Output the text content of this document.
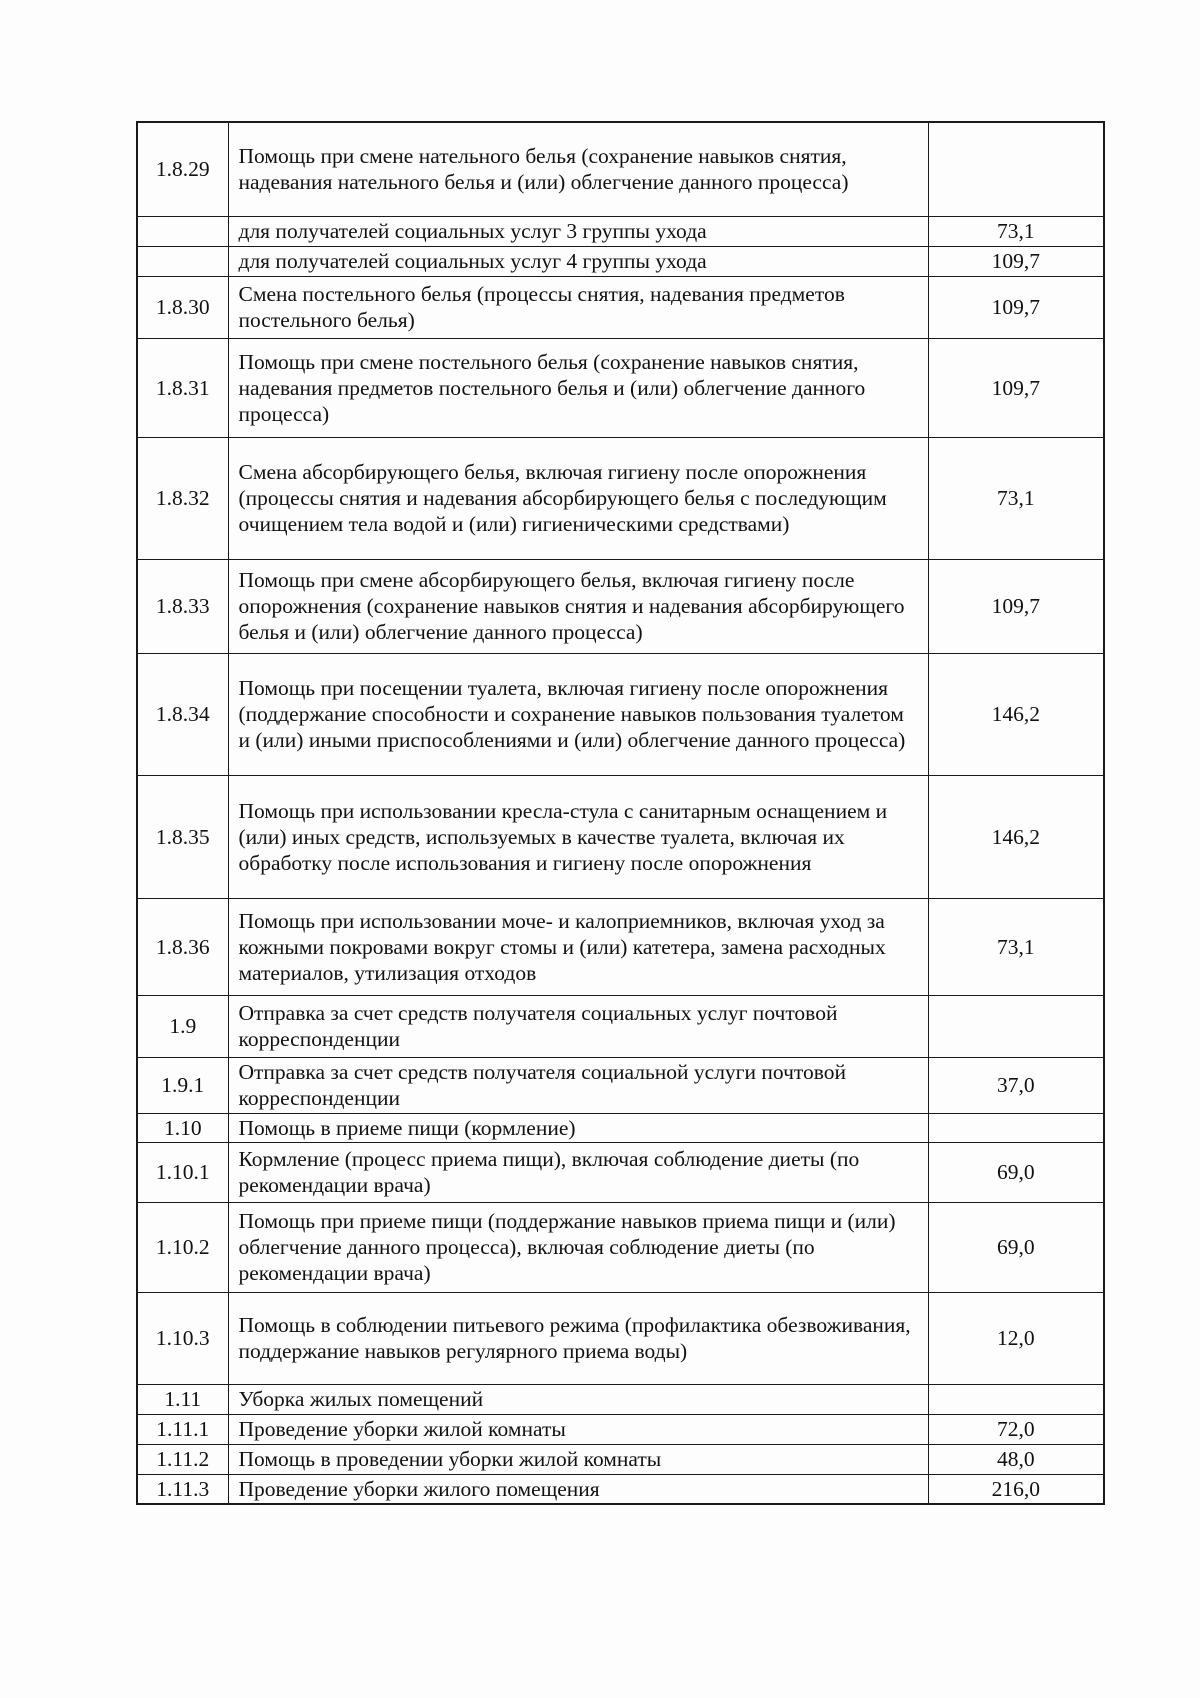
1.8.29	Помощь при смене нательного белья (сохранение навыков снятия, надевания нательного белья и (или) облегчение данного процесса)	
	для получателей социальных услуг 3 группы ухода	73,1
	для получателей социальных услуг 4 группы ухода	109,7
1.8.30	Смена постельного белья (процессы снятия, надевания предметов постельного белья)	109,7
1.8.31	Помощь при смене постельного белья (сохранение навыков снятия, надевания предметов постельного белья и (или) облегчение данного процесса)	109,7
1.8.32	Смена абсорбирующего белья, включая гигиену после опорожнения (процессы снятия и надевания абсорбирующего белья с последующим очищением тела водой и (или) гигиеническими средствами)	73,1
1.8.33	Помощь при смене абсорбирующего белья, включая гигиену после опорожнения (сохранение навыков снятия и надевания абсорбирующего белья и (или) облегчение данного процесса)	109,7
1.8.34	Помощь при посещении туалета, включая гигиену после опорожнения (поддержание способности и сохранение навыков пользования туалетом и (или) иными приспособлениями и (или) облегчение данного процесса)	146,2
1.8.35	Помощь при использовании кресла-стула с санитарным оснащением и (или) иных средств, используемых в качестве туалета, включая их обработку после использования и гигиену после опорожнения	146,2
1.8.36	Помощь при использовании моче- и калоприемников, включая уход за кожными покровами вокруг стомы и (или) катетера, замена расходных материалов, утилизация отходов	73,1
1.9	Отправка за счет средств получателя социальных услуг почтовой корреспонденции	
1.9.1	Отправка за счет средств получателя социальной услуги почтовой корреспонденции	37,0
1.10	Помощь в приеме пищи (кормление)	
1.10.1	Кормление (процесс приема пищи), включая соблюдение диеты (по рекомендации врача)	69,0
1.10.2	Помощь при приеме пищи (поддержание навыков приема пищи и (или) облегчение данного процесса), включая соблюдение диеты (по рекомендации врача)	69,0
1.10.3	Помощь в соблюдении питьевого режима (профилактика обезвоживания, поддержание навыков регулярного приема воды)	12,0
1.11	Уборка жилых помещений	
1.11.1	Проведение уборки жилой комнаты	72,0
1.11.2	Помощь в проведении уборки жилой комнаты	48,0
1.11.3	Проведение уборки жилого помещения	216,0
